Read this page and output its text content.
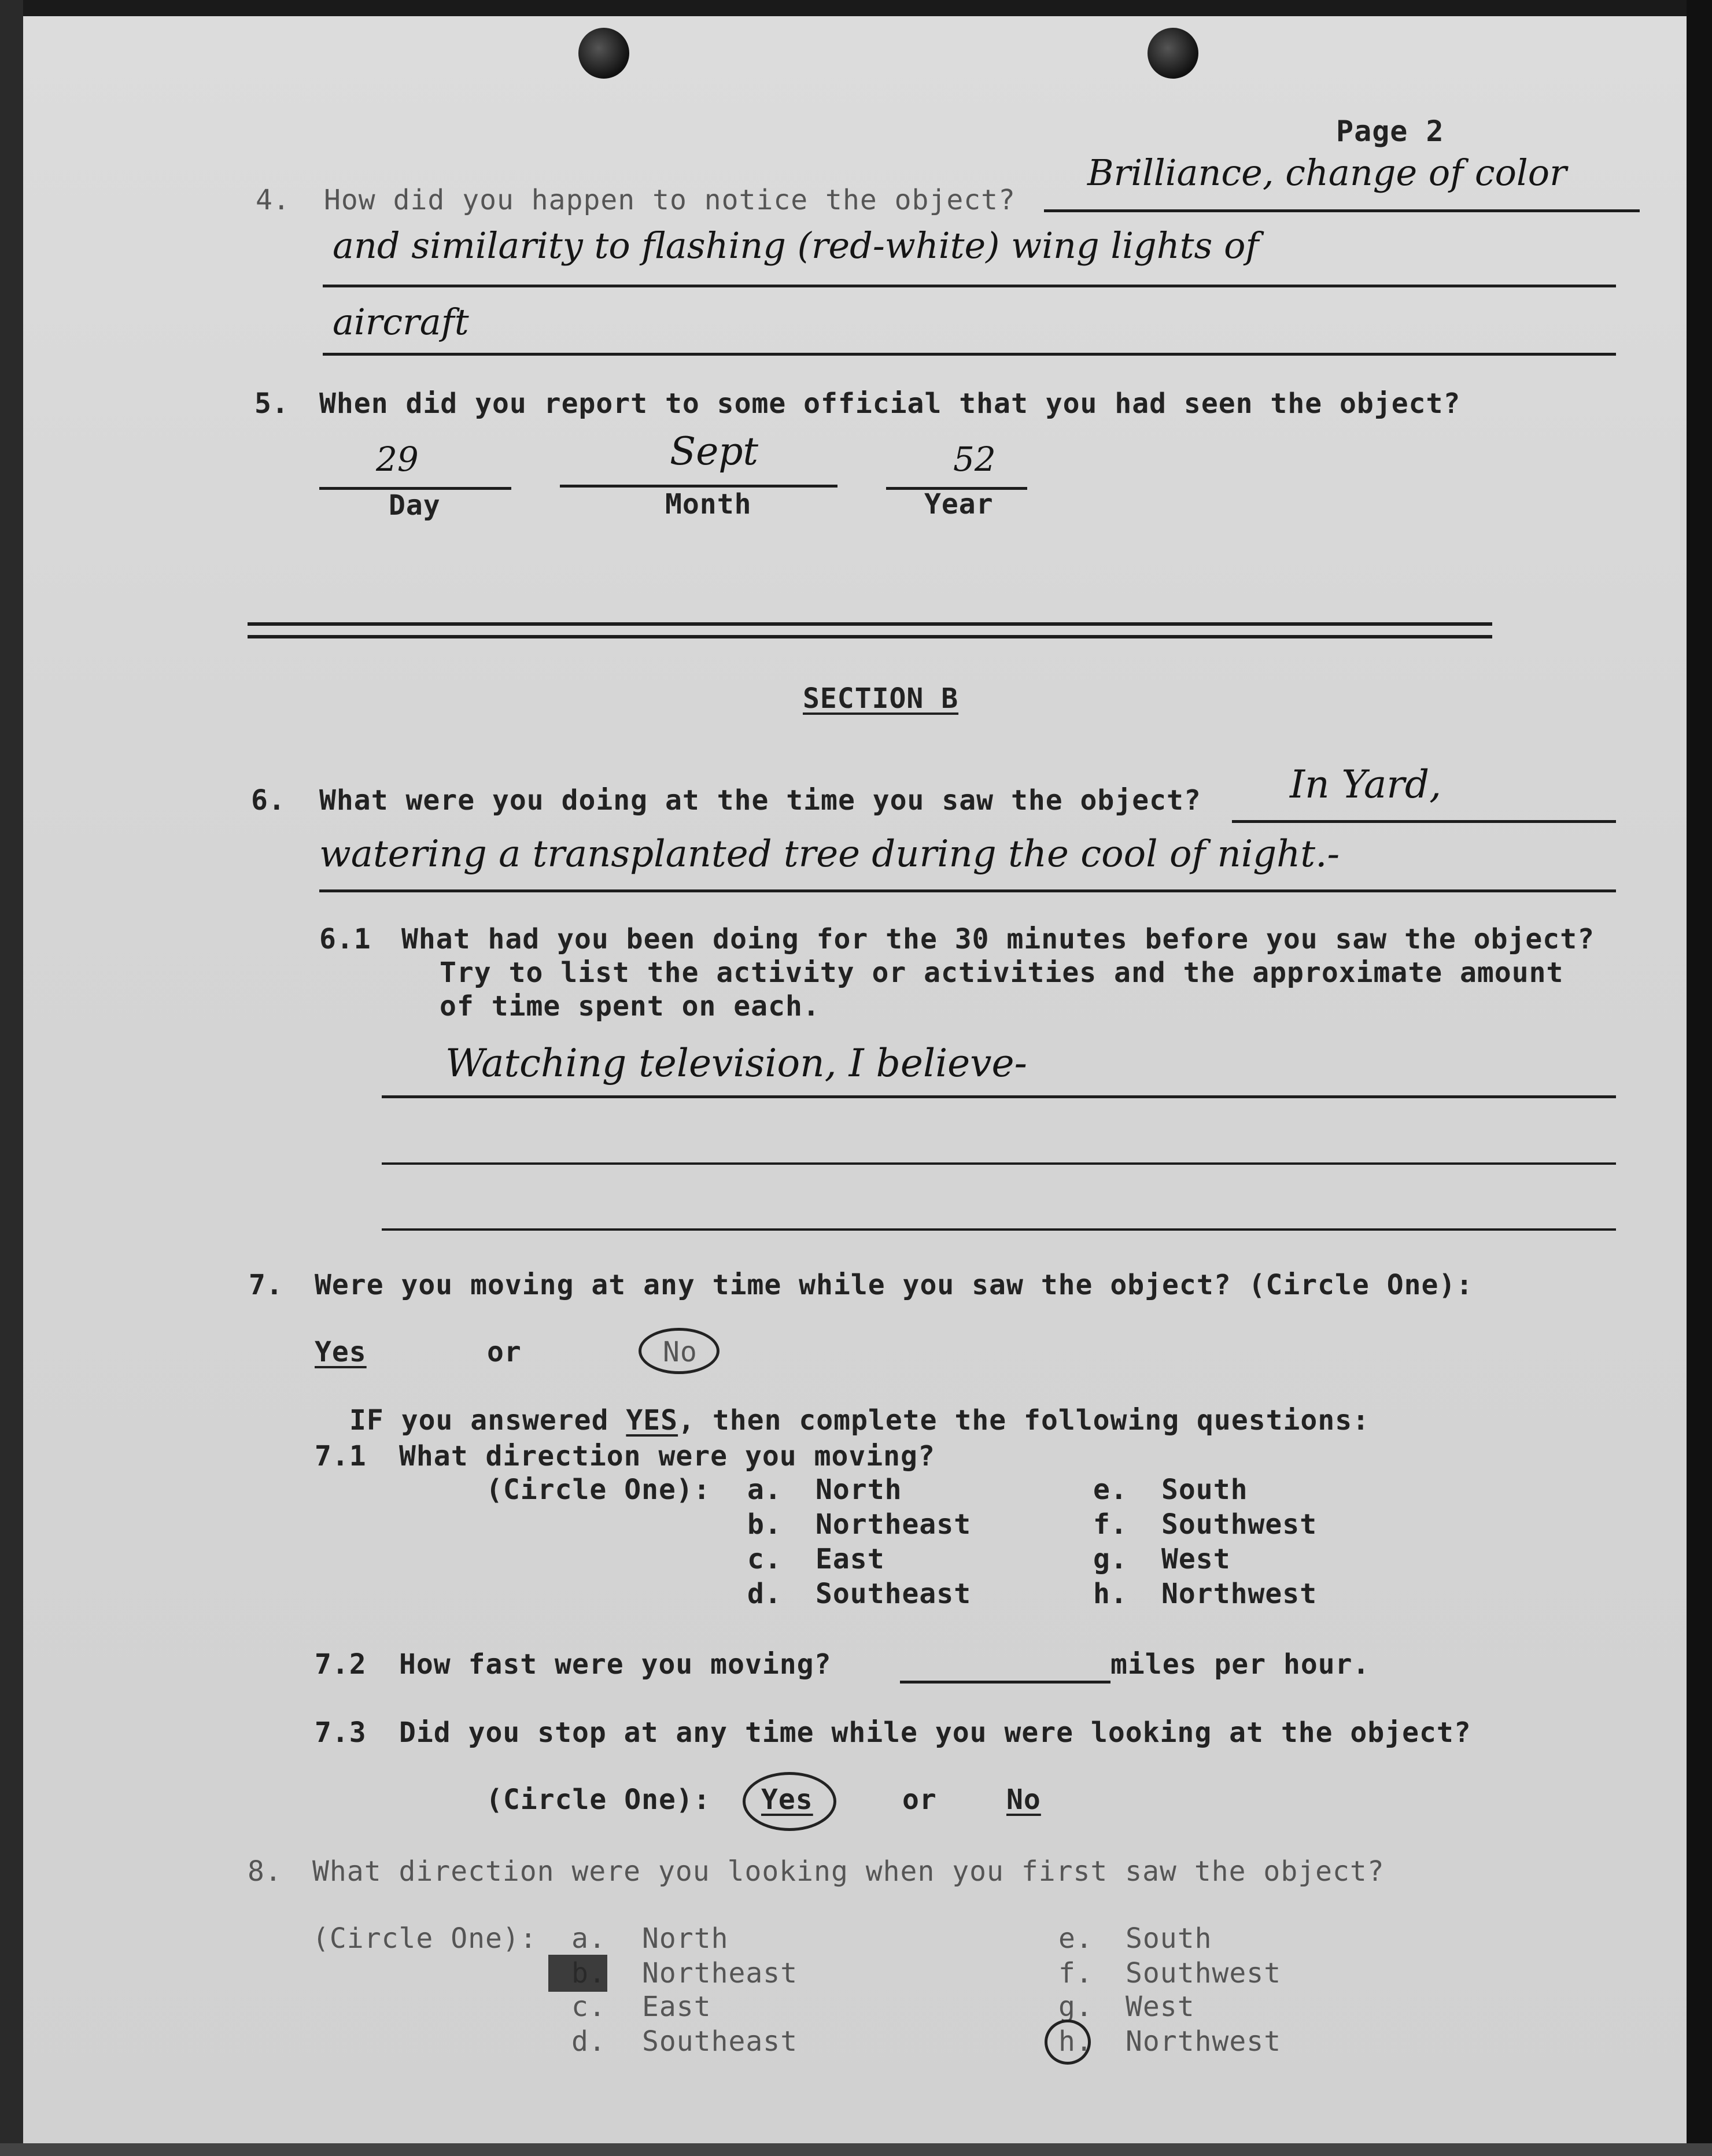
Page 2
4. How did you happen to notice the object?
Brilliance, change of color
and similarity to flashing (red-white) wing lights of
aircraft
5. When did you report to some official that you had seen the object?
29
Day
Sept
Month
52
Year
SECTION B
6. What were you doing at the time you saw the object? In Yard,
watering a transplanted tree during the cool of night.-
6.1 What had you been doing for the 30 minutes before you saw the object?
Try to list the activity or activities and the approximate amount
of time spent on each.
Watching television, I believe-
7. Were you moving at any time while you saw the object? (Circle One):
Yes	or	No
IF you answered YES, then complete the following questions:
7.1 What direction were you moving?
(Circle One): a. North
b. Northeast
c. East
d. Southeast
e. South
f. Southwest
g. West
h. Northwest
7.2 How fast were you moving?	miles per hour.
7.3 Did you stop at any time while you were looking at the object?
(Circle One): Yes	or	No
8. What direction were you looking when you first saw the object?
(Circle One): a. North
Northeast
c. East
d. Southeast
e. South
f. Southwest
g. West
h. Northwest
